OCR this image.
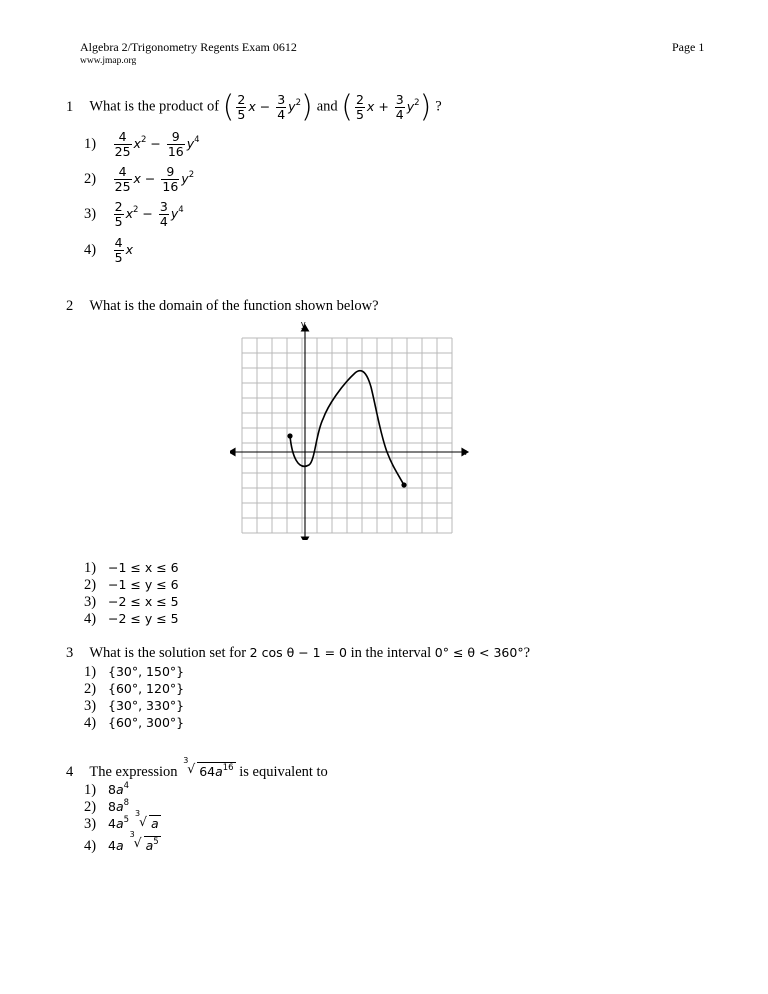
Algebra 2/Trigonometry Regents Exam 0612
www.jmap.org
Page 1
1 What is the product of ( $\frac{2}{5}$ $x - \frac{3}{4} y^2$) and ( $\frac{2}{5}$ $x + \frac{3}{4} y^2$) ?
$1) \frac{4}{25} x^2 - \frac{9}{16} y^4$
$2) \frac{4}{25}$ $x - \frac{9}{16} y^2$
$3) \frac{2}{5} x^2 - \frac{3}{4} y^4$
$4) \frac{4}{5}$ x
2 What is the domain of the function shown below?
y
x
1) −1 ≤ x ≤ 6
2) −1 ≤ y ≤ 6
3) −2 ≤ x ≤ 5
4) −2 ≤ y ≤ 5
3 What is the solution set for 2 cos θ − 1 = 0 in the interval 0° ≤ θ < 360°?
1) {30°, 150°}
2) {60°, 120°}
3) {30°, 330°}
4) {60°, 300°}
4 The expression
3
√ $64a^{16}$ is equivalent to
1) $8a^4$
2) $8a^8$
3) $4a^5$
3
√ a
4) 4a
3
√ $a^5$
